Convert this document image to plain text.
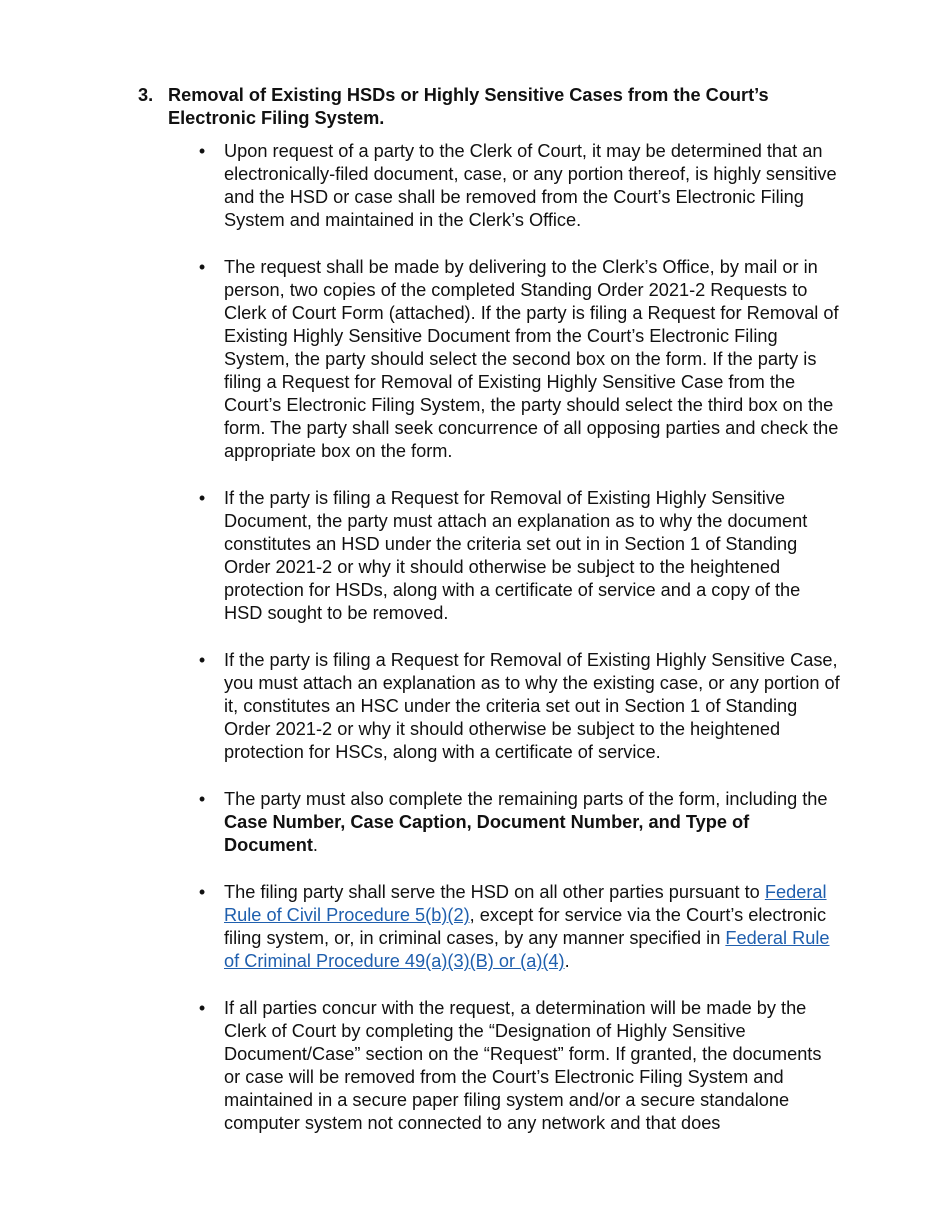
3. Removal of Existing HSDs or Highly Sensitive Cases from the Court’s Electronic Filing System.
• Upon request of a party to the Clerk of Court, it may be determined that an electronically-filed document, case, or any portion thereof, is highly sensitive and the HSD or case shall be removed from the Court’s Electronic Filing System and maintained in the Clerk’s Office.
• The request shall be made by delivering to the Clerk’s Office, by mail or in person, two copies of the completed Standing Order 2021-2 Requests to Clerk of Court Form (attached). If the party is filing a Request for Removal of Existing Highly Sensitive Document from the Court’s Electronic Filing System, the party should select the second box on the form. If the party is filing a Request for Removal of Existing Highly Sensitive Case from the Court’s Electronic Filing System, the party should select the third box on the form. The party shall seek concurrence of all opposing parties and check the appropriate box on the form.
• If the party is filing a Request for Removal of Existing Highly Sensitive Document, the party must attach an explanation as to why the document constitutes an HSD under the criteria set out in in Section 1 of Standing Order 2021-2 or why it should otherwise be subject to the heightened protection for HSDs, along with a certificate of service and a copy of the HSD sought to be removed.
• If the party is filing a Request for Removal of Existing Highly Sensitive Case, you must attach an explanation as to why the existing case, or any portion of it, constitutes an HSC under the criteria set out in Section 1 of Standing Order 2021-2 or why it should otherwise be subject to the heightened protection for HSCs, along with a certificate of service.
• The party must also complete the remaining parts of the form, including the Case Number, Case Caption, Document Number, and Type of Document.
• The filing party shall serve the HSD on all other parties pursuant to Federal Rule of Civil Procedure 5(b)(2), except for service via the Court’s electronic filing system, or, in criminal cases, by any manner specified in Federal Rule of Criminal Procedure 49(a)(3)(B) or (a)(4).
• If all parties concur with the request, a determination will be made by the Clerk of Court by completing the “Designation of Highly Sensitive Document/Case” section on the “Request” form. If granted, the documents or case will be removed from the Court’s Electronic Filing System and maintained in a secure paper filing system and/or a secure standalone computer system not connected to any network and that does
